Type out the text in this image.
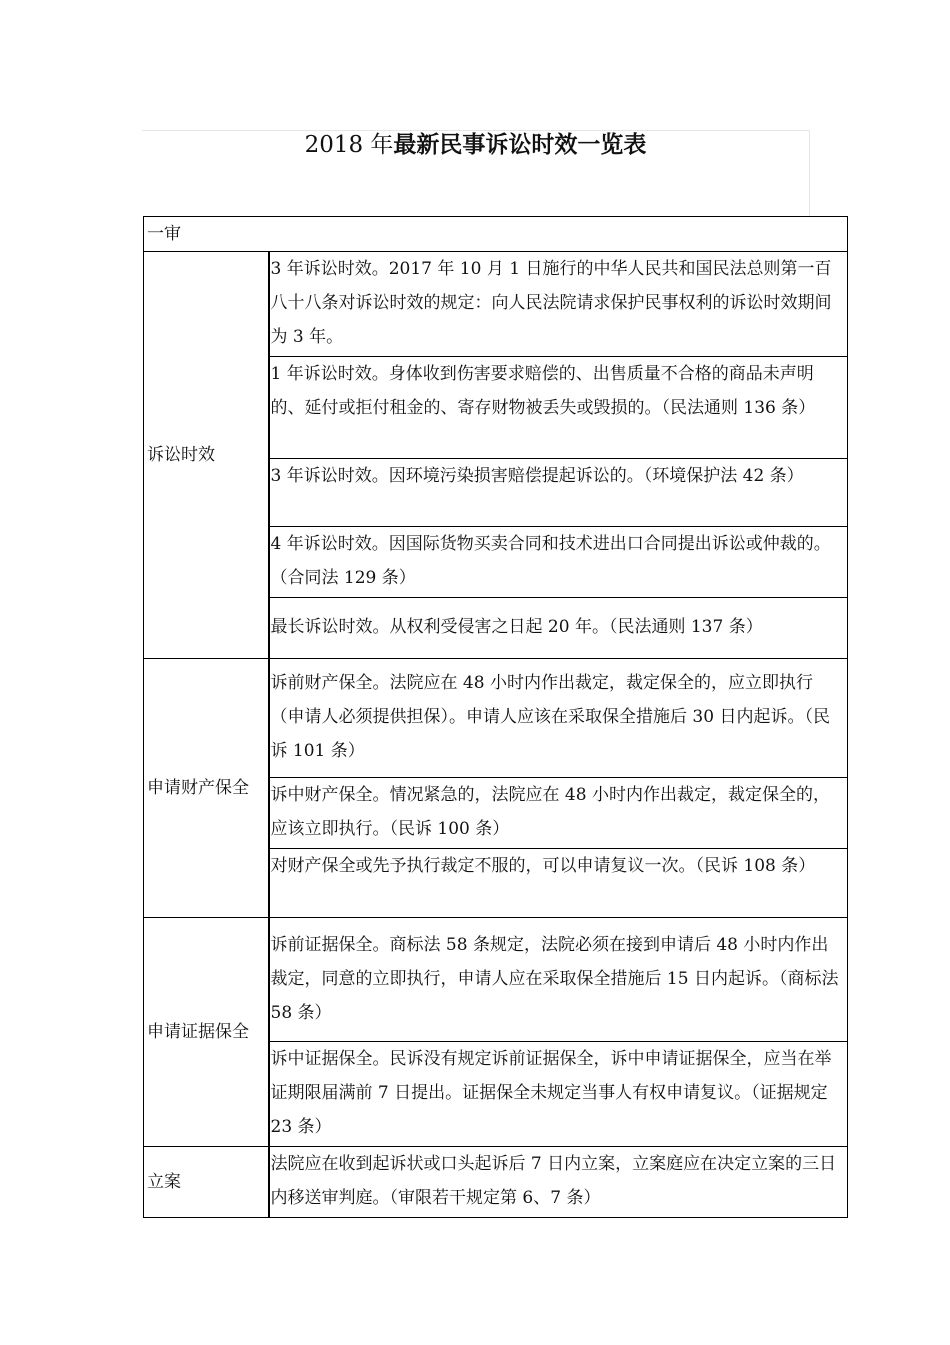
2018 年最新民事诉讼时效一览表
一审	
诉讼时效	3 年诉讼时效。2017 年 10 月 1 日施行的中华人民共和国民法总则第一百八十八条对诉讼时效的规定：向人民法院请求保护民事权利的诉讼时效期间为 3 年。
	1 年诉讼时效。身体收到伤害要求赔偿的、出售质量不合格的商品未声明的、延付或拒付租金的、寄存财物被丢失或毁损的。（民法通则 136 条）
	3 年诉讼时效。因环境污染损害赔偿提起诉讼的。（环境保护法 42 条）
	4 年诉讼时效。因国际货物买卖合同和技术进出口合同提出诉讼或仲裁的。（合同法 129 条）
	最长诉讼时效。从权利受侵害之日起 20 年。（民法通则 137 条）
申请财产保全	诉前财产保全。法院应在 48 小时内作出裁定，裁定保全的，应立即执行（申请人必须提供担保）。申请人应该在采取保全措施后 30 日内起诉。（民诉 101 条）
	诉中财产保全。情况紧急的，法院应在 48 小时内作出裁定，裁定保全的，应该立即执行。（民诉 100 条）
	对财产保全或先予执行裁定不服的，可以申请复议一次。（民诉 108 条）
申请证据保全	诉前证据保全。商标法 58 条规定，法院必须在接到申请后 48 小时内作出裁定，同意的立即执行，申请人应在采取保全措施后 15 日内起诉。（商标法 58 条）
	诉中证据保全。民诉没有规定诉前证据保全，诉中申请证据保全，应当在举证期限届满前 7 日提出。证据保全未规定当事人有权申请复议。（证据规定 23 条）
立案	法院应在收到起诉状或口头起诉后 7 日内立案，立案庭应在决定立案的三日内移送审判庭。（审限若干规定第 6、7 条）
